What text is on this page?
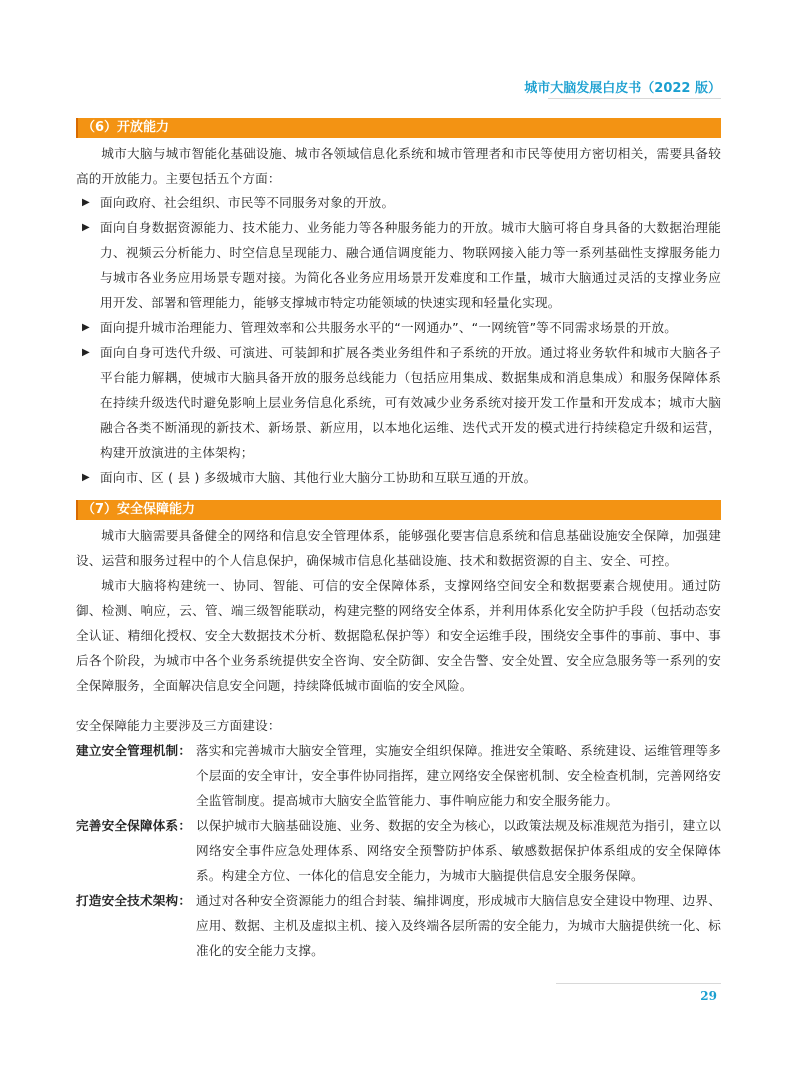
城市大脑发展白皮书（2022 版）
（6）开放能力

城市大脑与城市智能化基础设施、城市各领域信息化系统和城市管理者和市民等使用方密切相关，需要具备较高的开放能力。主要包括五个方面：

▶ 面向政府、社会组织、市民等不同服务对象的开放。
▶ 面向自身数据资源能力、技术能力、业务能力等各种服务能力的开放。城市大脑可将自身具备的大数据治理能力、视频云分析能力、时空信息呈现能力、融合通信调度能力、物联网接入能力等一系列基础性支撑服务能力与城市各业务应用场景专题对接。为简化各业务应用场景开发难度和工作量，城市大脑通过灵活的支撑业务应用开发、部署和管理能力，能够支撑城市特定功能领域的快速实现和轻量化实现。
▶ 面向提升城市治理能力、管理效率和公共服务水平的“一网通办”、“一网统管”等不同需求场景的开放。
▶ 面向自身可迭代升级、可演进、可装卸和扩展各类业务组件和子系统的开放。通过将业务软件和城市大脑各子平台能力解耦，使城市大脑具备开放的服务总线能力（包括应用集成、数据集成和消息集成）和服务保障体系在持续升级迭代时避免影响上层业务信息化系统，可有效减少业务系统对接开发工作量和开发成本；城市大脑融合各类不断涌现的新技术、新场景、新应用，以本地化运维、迭代式开发的模式进行持续稳定升级和运营，构建开放演进的主体架构；
▶ 面向市、区 ( 县 ) 多级城市大脑、其他行业大脑分工协助和互联互通的开放。
（7）安全保障能力

城市大脑需要具备健全的网络和信息安全管理体系，能够强化要害信息系统和信息基础设施安全保障，加强建设、运营和服务过程中的个人信息保护，确保城市信息化基础设施、技术和数据资源的自主、安全、可控。

城市大脑将构建统一、协同、智能、可信的安全保障体系，支撑网络空间安全和数据要素合规使用。通过防御、检测、响应，云、管、端三级智能联动，构建完整的网络安全体系，并利用体系化安全防护手段（包括动态安全认证、精细化授权、安全大数据技术分析、数据隐私保护等）和安全运维手段，围绕安全事件的事前、事中、事后各个阶段，为城市中各个业务系统提供安全咨询、安全防御、安全告警、安全处置、安全应急服务等一系列的安全保障服务，全面解决信息安全问题，持续降低城市面临的安全风险。

安全保障能力主要涉及三方面建设：

建立安全管理机制： 落实和完善城市大脑安全管理，实施安全组织保障。推进安全策略、系统建设、运维管理等多个层面的安全审计，安全事件协同指挥，建立网络安全保密机制、安全检查机制，完善网络安全监管制度。提高城市大脑安全监管能力、事件响应能力和安全服务能力。
完善安全保障体系： 以保护城市大脑基础设施、业务、数据的安全为核心，以政策法规及标准规范为指引，建立以网络安全事件应急处理体系、网络安全预警防护体系、敏感数据保护体系组成的安全保障体系。构建全方位、一体化的信息安全能力，为城市大脑提供信息安全服务保障。
打造安全技术架构： 通过对各种安全资源能力的组合封装、编排调度，形成城市大脑信息安全建设中物理、边界、应用、数据、主机及虚拟主机、接入及终端各层所需的安全能力，为城市大脑提供统一化、标准化的安全能力支撑。
29
